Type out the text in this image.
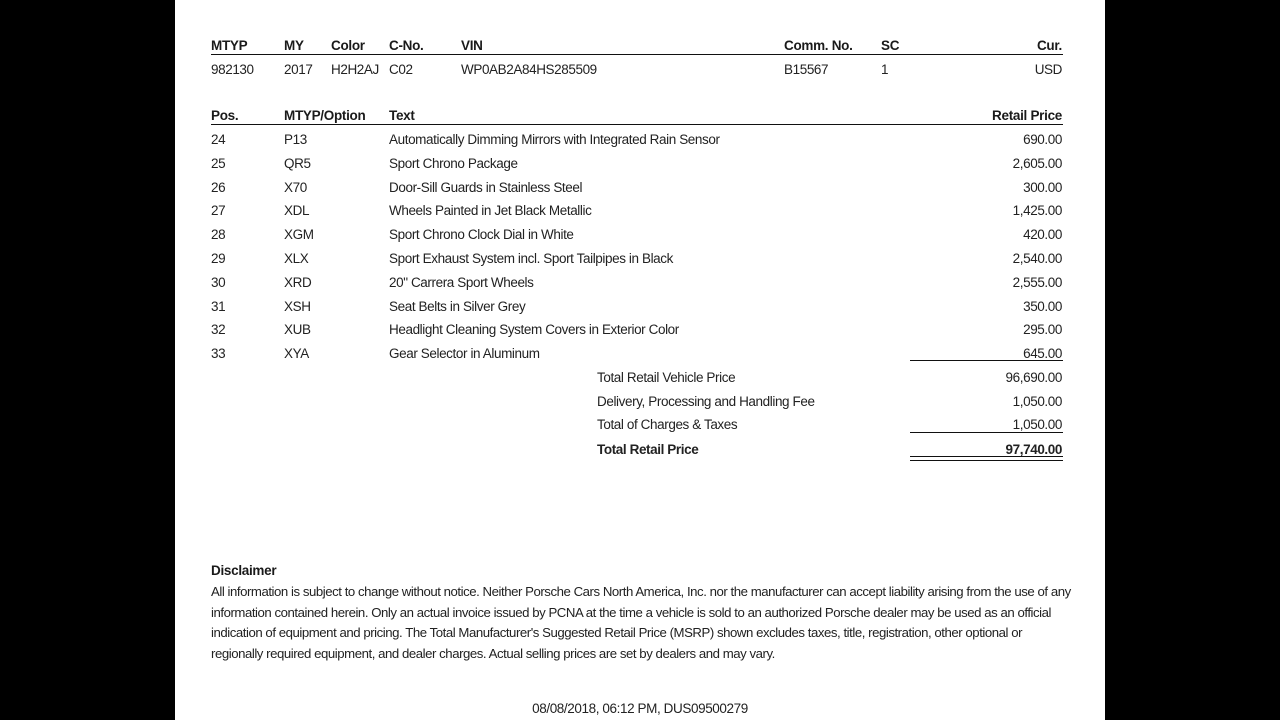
MTYP	MY Color C-No.	VIN	Comm. No. SC	Cur.
982130 2017 H2H2AJ C02	WP0AB2A84HS285509	B15567	1	USD
Pos.	MTYP/Option Text	Retail Price
24	P13	Automatically Dimming Mirrors with Integrated Rain Sensor	690.00
25	QR5	Sport Chrono Package	2,605.00
26	X70	Door-Sill Guards in Stainless Steel	300.00
27	XDL	Wheels Painted in Jet Black Metallic	1,425.00
28	XGM	Sport Chrono Clock Dial in White	420.00
29	XLX	Sport Exhaust System incl. Sport Tailpipes in Black	2,540.00
30	XRD	20" Carrera Sport Wheels	2,555.00
31	XSH	Seat Belts in Silver Grey	350.00
32	XUB	Headlight Cleaning System Covers in Exterior Color	295.00
33	XYA	Gear Selector in Aluminum	645.00
Total Retail Vehicle Price	96,690.00
Delivery, Processing and Handling Fee	1,050.00
Total of Charges & Taxes	1,050.00
Total Retail Price	97,740.00
Disclaimer
All information is subject to change without notice. Neither Porsche Cars North America, Inc. nor the manufacturer can accept liability arising from the use of any information contained herein. Only an actual invoice issued by PCNA at the time a vehicle is sold to an authorized Porsche dealer may be used as an official indication of equipment and pricing. The Total Manufacturer's Suggested Retail Price (MSRP) shown excludes taxes, title, registration, other optional or regionally required equipment, and dealer charges. Actual selling prices are set by dealers and may vary.
08/08/2018, 06:12 PM, DUS09500279
